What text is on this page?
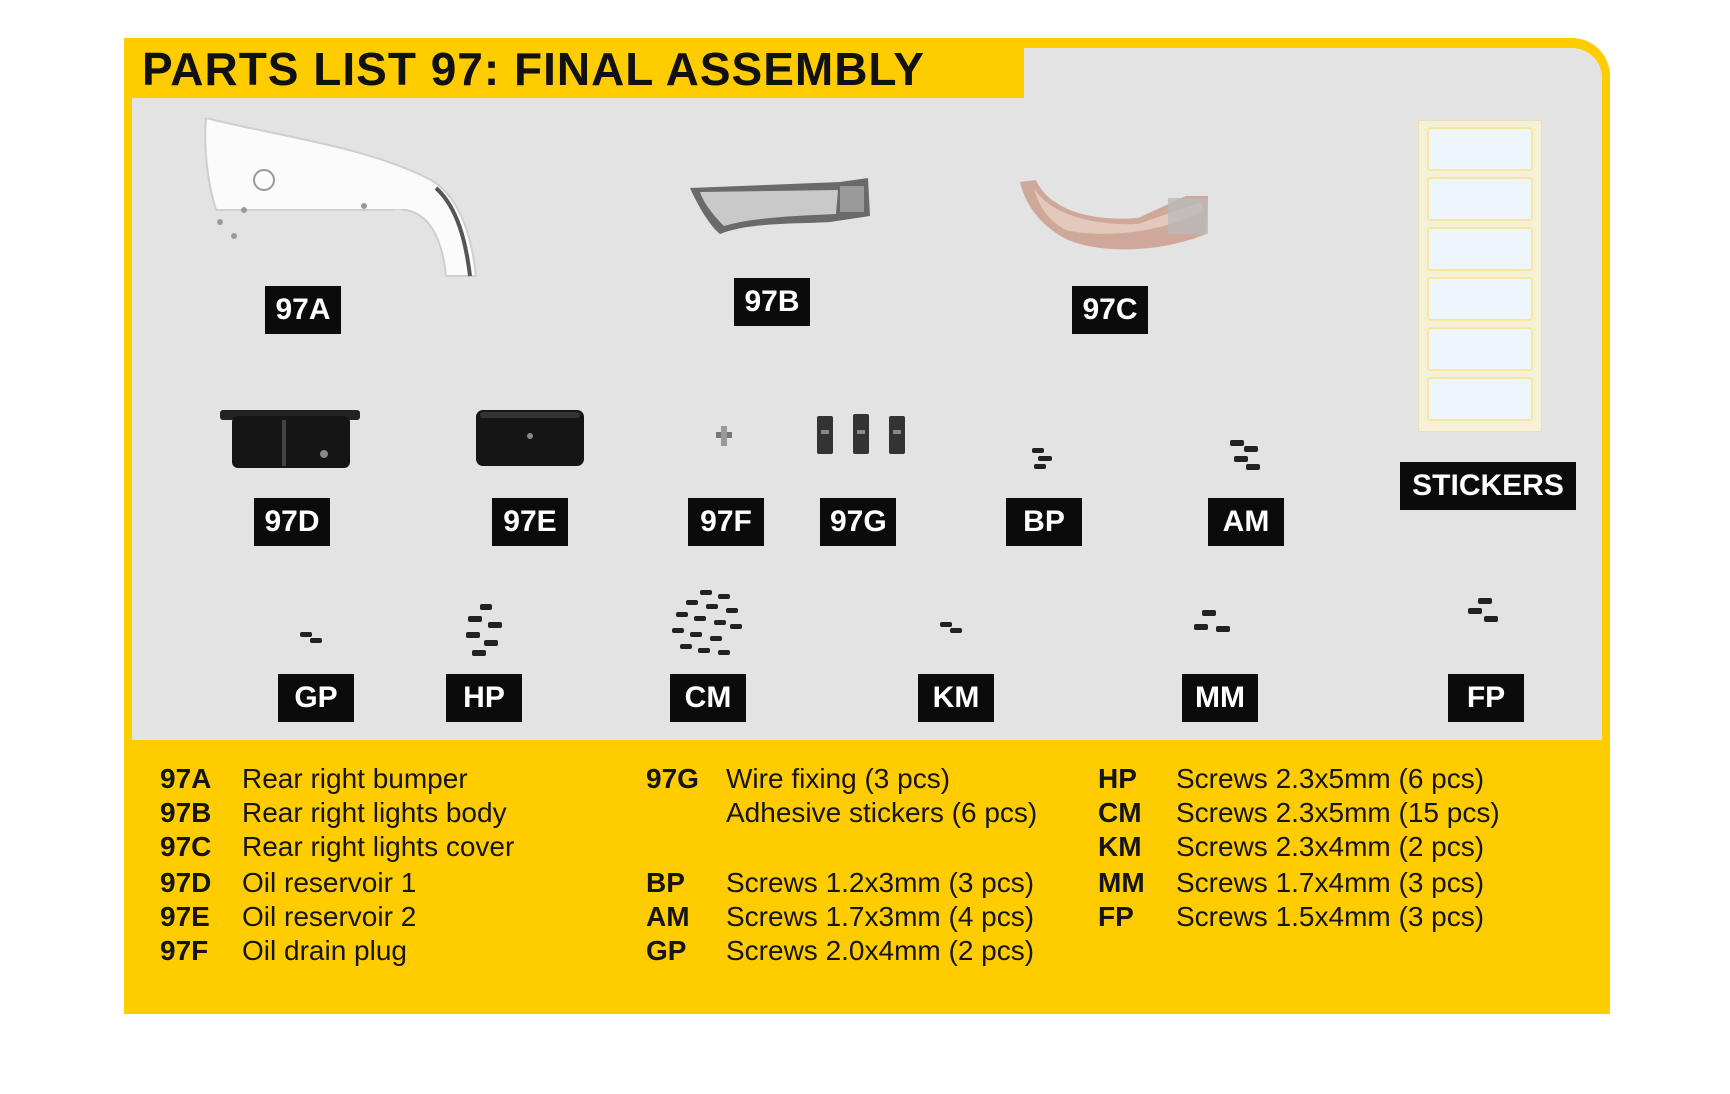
PARTS LIST 97: FINAL ASSEMBLY
97A	97B	97C
97D	97E	97F	97G	BP	AM
STICKERS
GP	HP	CM	KM	MM	FP
97A Rear right bumper
97B Rear right lights body
97C Rear right lights cover
97D Oil reservoir 1
97E Oil reservoir 2
97F Oil drain plug
97G Wire fixing (3 pcs)
Adhesive stickers (6 pcs)
BP Screws 1.2x3mm (3 pcs)
AM Screws 1.7x3mm (4 pcs)
GP Screws 2.0x4mm (2 pcs)
HP Screws 2.3x5mm (6 pcs)
CM Screws 2.3x5mm (15 pcs)
KM Screws 2.3x4mm (2 pcs)
MM Screws 1.7x4mm (3 pcs)
FP Screws 1.5x4mm (3 pcs)
